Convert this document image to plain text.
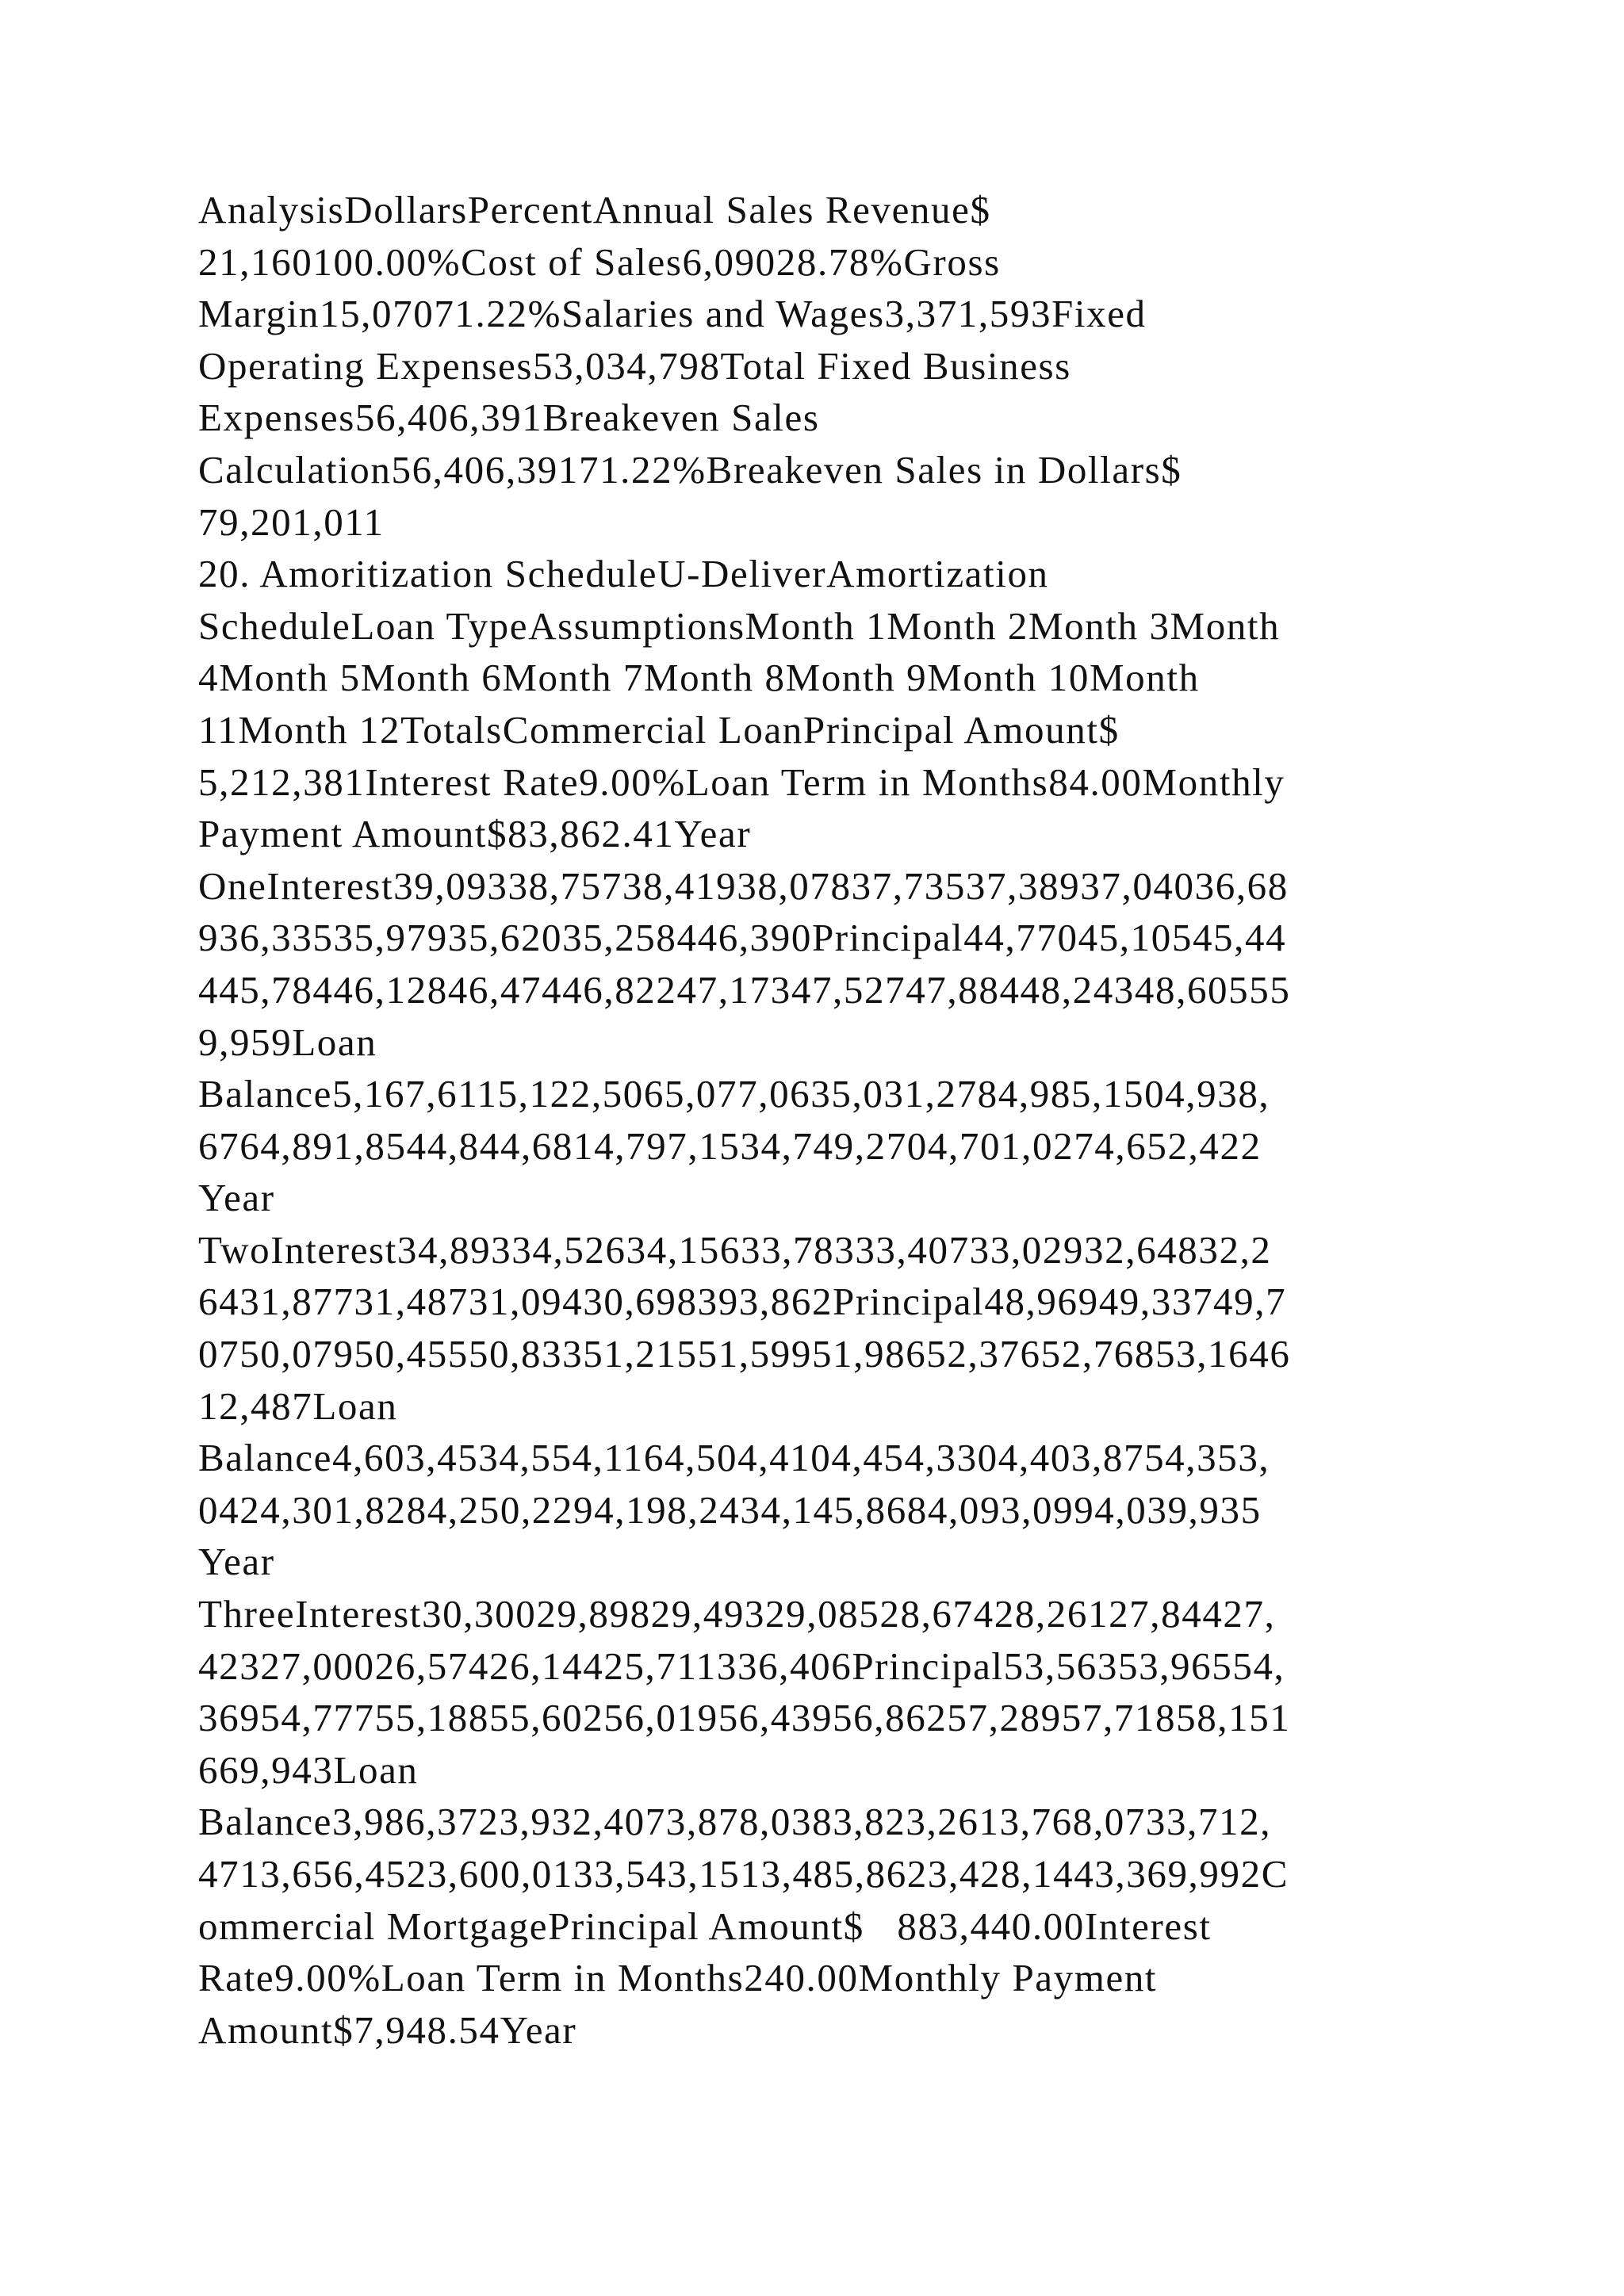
AnalysisDollarsPercentAnnual Sales Revenue$
21,160100.00%Cost of Sales6,09028.78%Gross
Margin15,07071.22%Salaries and Wages3,371,593Fixed
Operating Expenses53,034,798Total Fixed Business
Expenses56,406,391Breakeven Sales
Calculation56,406,39171.22%Breakeven Sales in Dollars$
79,201,011
20. Amoritization ScheduleU-DeliverAmortization
ScheduleLoan TypeAssumptionsMonth 1Month 2Month 3Month
4Month 5Month 6Month 7Month 8Month 9Month 10Month
11Month 12TotalsCommercial LoanPrincipal Amount$
5,212,381Interest Rate9.00%Loan Term in Months84.00Monthly
Payment Amount$83,862.41Year
OneInterest39,09338,75738,41938,07837,73537,38937,04036,68
936,33535,97935,62035,258446,390Principal44,77045,10545,44
445,78446,12846,47446,82247,17347,52747,88448,24348,60555
9,959Loan
Balance5,167,6115,122,5065,077,0635,031,2784,985,1504,938,
6764,891,8544,844,6814,797,1534,749,2704,701,0274,652,422
Year
TwoInterest34,89334,52634,15633,78333,40733,02932,64832,2
6431,87731,48731,09430,698393,862Principal48,96949,33749,7
0750,07950,45550,83351,21551,59951,98652,37652,76853,1646
12,487Loan
Balance4,603,4534,554,1164,504,4104,454,3304,403,8754,353,
0424,301,8284,250,2294,198,2434,145,8684,093,0994,039,935
Year
ThreeInterest30,30029,89829,49329,08528,67428,26127,84427,
42327,00026,57426,14425,711336,406Principal53,56353,96554,
36954,77755,18855,60256,01956,43956,86257,28957,71858,151
669,943Loan
Balance3,986,3723,932,4073,878,0383,823,2613,768,0733,712,
4713,656,4523,600,0133,543,1513,485,8623,428,1443,369,992C
ommercial MortgagePrincipal Amount$   883,440.00Interest
Rate9.00%Loan Term in Months240.00Monthly Payment
Amount$7,948.54Year
